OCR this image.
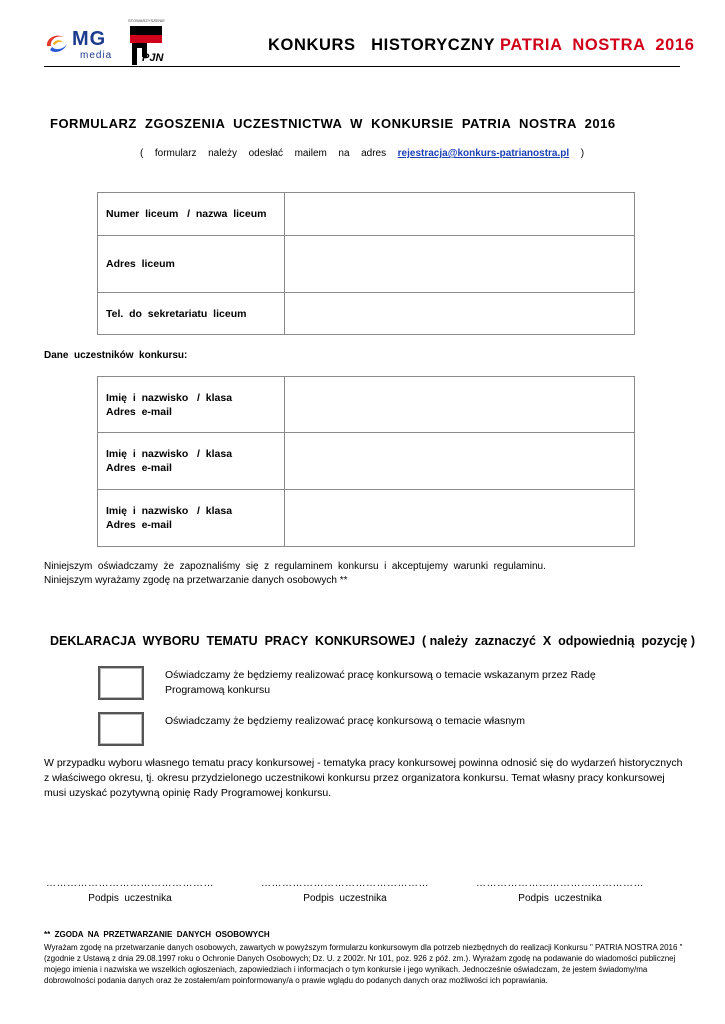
MG
media
STOWARZYSZENIE
PJN
KONKURS   HISTORYCZNY PATRIA  NOSTRA  2016
FORMULARZ  ZGOSZENIA  UCZESTNICTWA  W  KONKURSIE  PATRIA  NOSTRA  2016
(  formularz  należy  odesłać  mailem  na  adres rejestracja@konkurs-patrianostra.pl )
Numer  liceum   /  nazwa  liceum	
Adres  liceum	
Tel.  do  sekretariatu  liceum	
Dane  uczestników  konkursu:
Imię  i  nazwisko   /  klasa
Adres  e-mail	

Imię  i  nazwisko   /  klasa
Adres  e-mail	

Imię  i  nazwisko   /  klasa
Adres  e-mail	

Niniejszym  oświadczamy  że  zapoznaliśmy  się  z  regulaminem  konkursu  i  akceptujemy  warunki  regulaminu.
Niniejszym wyrażamy zgodę na przetwarzanie danych osobowych **
DEKLARACJA  WYBORU  TEMATU  PRACY  KONKURSOWEJ  ( należy  zaznaczyć  X  odpowiednią  pozycję )
Oświadczamy że będziemy realizować pracę konkursową o temacie wskazanym przez Radę Programową konkursu
Oświadczamy że będziemy realizować pracę konkursową o temacie własnym
W przypadku wyboru własnego tematu pracy konkursowej - tematyka pracy konkursowej powinna odnosić się do wydarzeń historycznych z właściwego okresu, tj. okresu przydzielonego uczestnikowi konkursu przez organizatora konkursu. Temat własny pracy konkursowej musi uzyskać pozytywną opinię Rady Programowej konkursu.
…………………………………………
Podpis  uczestnika
…………………………………………
Podpis  uczestnika
…………………………………………
Podpis  uczestnika
**  ZGODA  NA  PRZETWARZANIE  DANYCH  OSOBOWYCH
Wyrażam zgodę na przetwarzanie danych osobowych, zawartych w powyższym formularzu konkursowym dla potrzeb niezbędnych do realizacji Konkursu " PATRIA NOSTRA 2016 "(zgodnie z Ustawą z dnia 29.08.1997 roku o Ochronie Danych Osobowych; Dz. U. z 2002r. Nr 101, poz. 926 z póź. zm.). Wyrażam zgodę na podawanie do wiadomości publicznej mojego imienia i nazwiska we wszelkich ogłoszeniach, zapowiedziach i informacjach o tym konkursie i jego wynikach. Jednocześnie oświadczam, że jestem świadomy/ma dobrowolności podania danych oraz że zostałem/am poinformowany/a o prawie wglądu do podanych danych oraz możliwości ich poprawiania.
